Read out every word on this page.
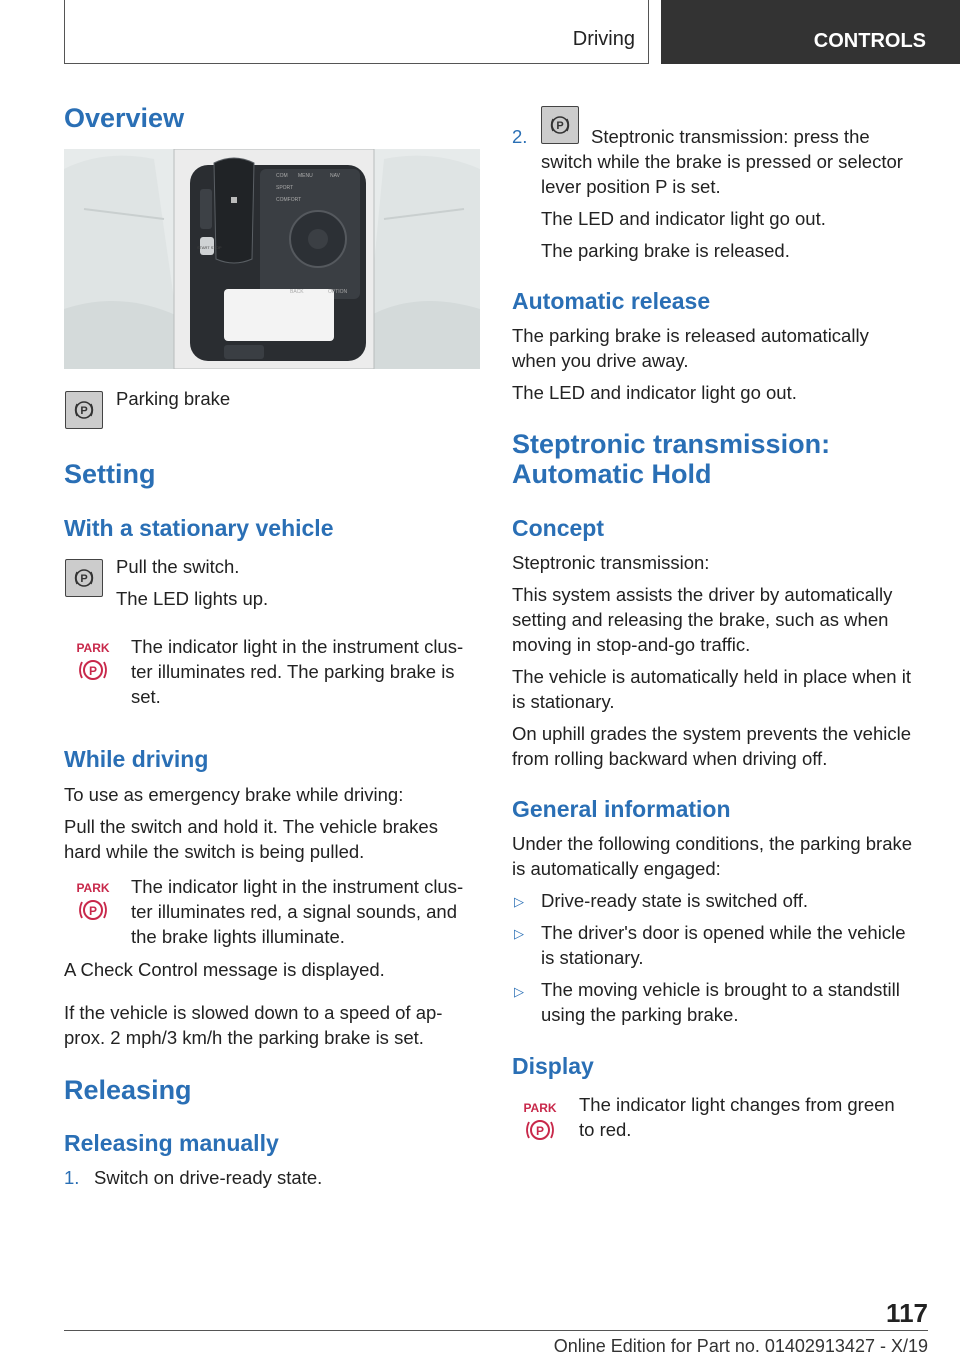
Driving	CONTROLS
Overview
SPORT
COMFORT
MENU
BACK	OPTION
NAV
COM
START STOP
P
Parking brake
Setting
With a stationary vehicle
P
Pull the switch.
The LED lights up.
PARK
P
The indicator light in the instrument clus-
ter illuminates red. The parking brake is
set.
While driving
To use as emergency brake while driving:
Pull the switch and hold it. The vehicle brakes
hard while the switch is being pulled.
PARK
P
The indicator light in the instrument clus-
ter illuminates red, a signal sounds, and
the brake lights illuminate.
A Check Control message is displayed.
If the vehicle is slowed down to a speed of ap-
prox. 2 mph/3 km/h the parking brake is set.
Releasing
Releasing manually
1. Switch on drive-ready state.
2.	P Steptronic transmission: press the
switch while the brake is pressed or selector
lever position P is set.
The LED and indicator light go out.
The parking brake is released.
Automatic release
The parking brake is released automatically
when you drive away.
The LED and indicator light go out.
Steptronic transmission:
Automatic Hold
Concept
Steptronic transmission:
This system assists the driver by automatically
setting and releasing the brake, such as when
moving in stop-and-go traffic.
The vehicle is automatically held in place when it
is stationary.
On uphill grades the system prevents the vehicle
from rolling backward when driving off.
General information
Under the following conditions, the parking brake
is automatically engaged:
▷ Drive-ready state is switched off.
▷ The driver's door is opened while the vehicle
is stationary.
▷ The moving vehicle is brought to a standstill
using the parking brake.
Display
PARK
P
The indicator light changes from green
to red.
117
Online Edition for Part no. 01402913427 - X/19
